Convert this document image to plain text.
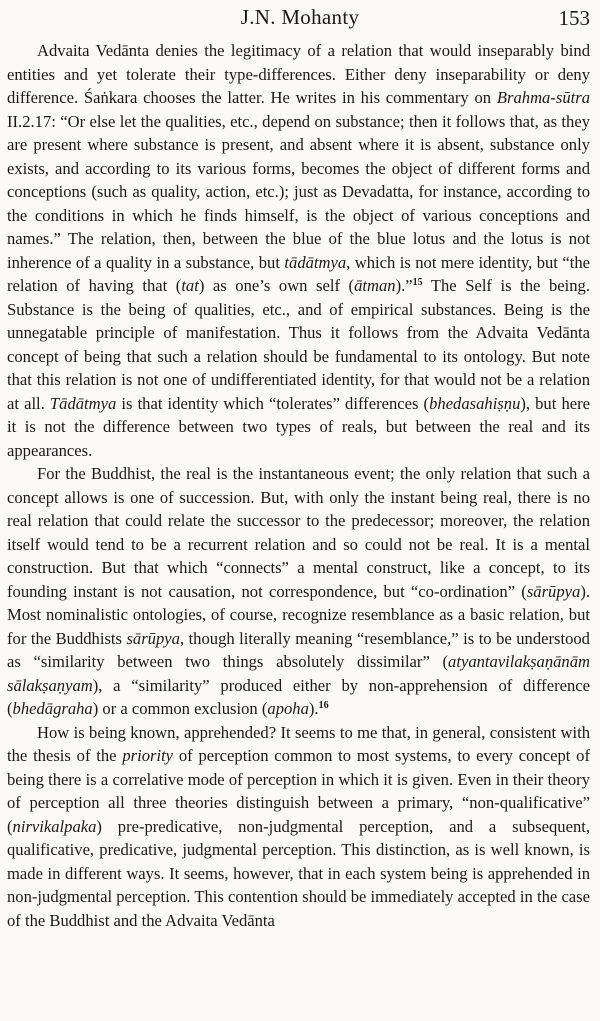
J.N. Mohanty	153

Advaita Vedānta denies the legitimacy of a relation that would inseparably bind entities and yet tolerate their type-differences. Either deny inseparability or deny difference. Śaṅkara chooses the latter. He writes in his commentary on Brahma-sūtra II.2.17: “Or else let the qualities, etc., depend on substance; then it follows that, as they are present where substance is present, and absent where it is absent, substance only exists, and according to its various forms, becomes the object of different forms and conceptions (such as quality, action, etc.); just as Devadatta, for instance, according to the conditions in which he finds himself, is the object of various conceptions and names.” The relation, then, between the blue of the blue lotus and the lotus is not inherence of a quality in a substance, but tādātmya, which is not mere identity, but “the relation of having that (tat) as one’s own self (ātman).”$^{15}$ The Self is the being. Substance is the being of qualities, etc., and of empirical substances. Being is the unnegatable principle of manifestation. Thus it follows from the Advaita Vedānta concept of being that such a relation should be fundamental to its ontology. But note that this relation is not one of undifferentiated identity, for that would not be a relation at all. Tādātmya is that identity which “tolerates” differences (bhedasahiṣṇu), but here it is not the difference between two types of reals, but between the real and its appearances.

For the Buddhist, the real is the instantaneous event; the only relation that such a concept allows is one of succession. But, with only the instant being real, there is no real relation that could relate the successor to the predecessor; moreover, the relation itself would tend to be a recurrent relation and so could not be real. It is a mental construction. But that which “connects” a mental construct, like a concept, to its founding instant is not causation, not correspondence, but “co-ordination” (sārūpya). Most nominalistic ontologies, of course, recognize resemblance as a basic relation, but for the Buddhists sārūpya, though literally meaning “resemblance,” is to be understood as “similarity between two things absolutely dissimilar” (atyantavilakṣaṇānām sālakṣaṇyam), a “similarity” produced either by non-apprehension of difference (bhedāgraha) or a common exclusion (apoha).$^{16}$

How is being known, apprehended? It seems to me that, in general, consistent with the thesis of the priority of perception common to most systems, to every concept of being there is a correlative mode of perception in which it is given. Even in their theory of perception all three theories distinguish between a primary, “non-qualificative” (nirvikalpaka) pre-predicative, non-judgmental perception, and a subsequent, qualificative, predicative, judgmental perception. This distinction, as is well known, is made in different ways. It seems, however, that in each system being is apprehended in non-judgmental perception. This contention should be immediately accepted in the case of the Buddhist and the Advaita Vedānta
